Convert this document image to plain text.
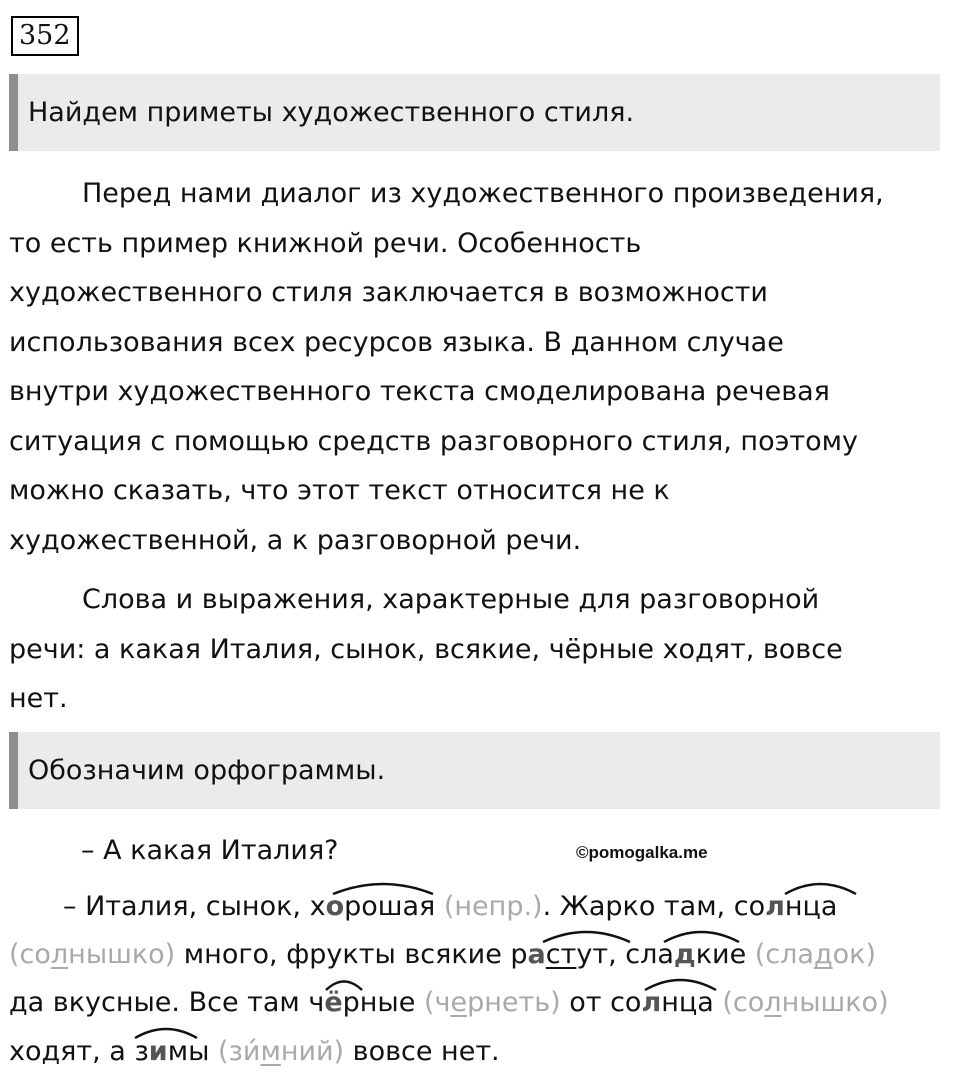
352
Найдем приметы художественного стиля.
Перед нами диалог из художественного произведения,
то есть пример книжной речи. Особенность
художественного стиля заключается в возможности
использования всех ресурсов языка. В данном случае
внутри художественного текста смоделирована речевая
ситуация с помощью средств разговорного стиля, поэтому
можно сказать, что этот текст относится не к
художественной, а к разговорной речи.
Слова и выражения, характерные для разговорной
речи: а какая Италия, сынок, всякие, чёрные ходят, вовсе
нет.
Обозначим орфограммы.
©pomogalka.me
– А какая Италия?
– Италия, сынок, хорошая (непр.). Жарко там, солнца
(солнышко) много, фрукты всякие растут, сладкие (сладок)
да вкусные. Все там чёрные (чернеть) от солнца (солнышко)
ходят, а зимы (зи́мний) вовсе нет.
